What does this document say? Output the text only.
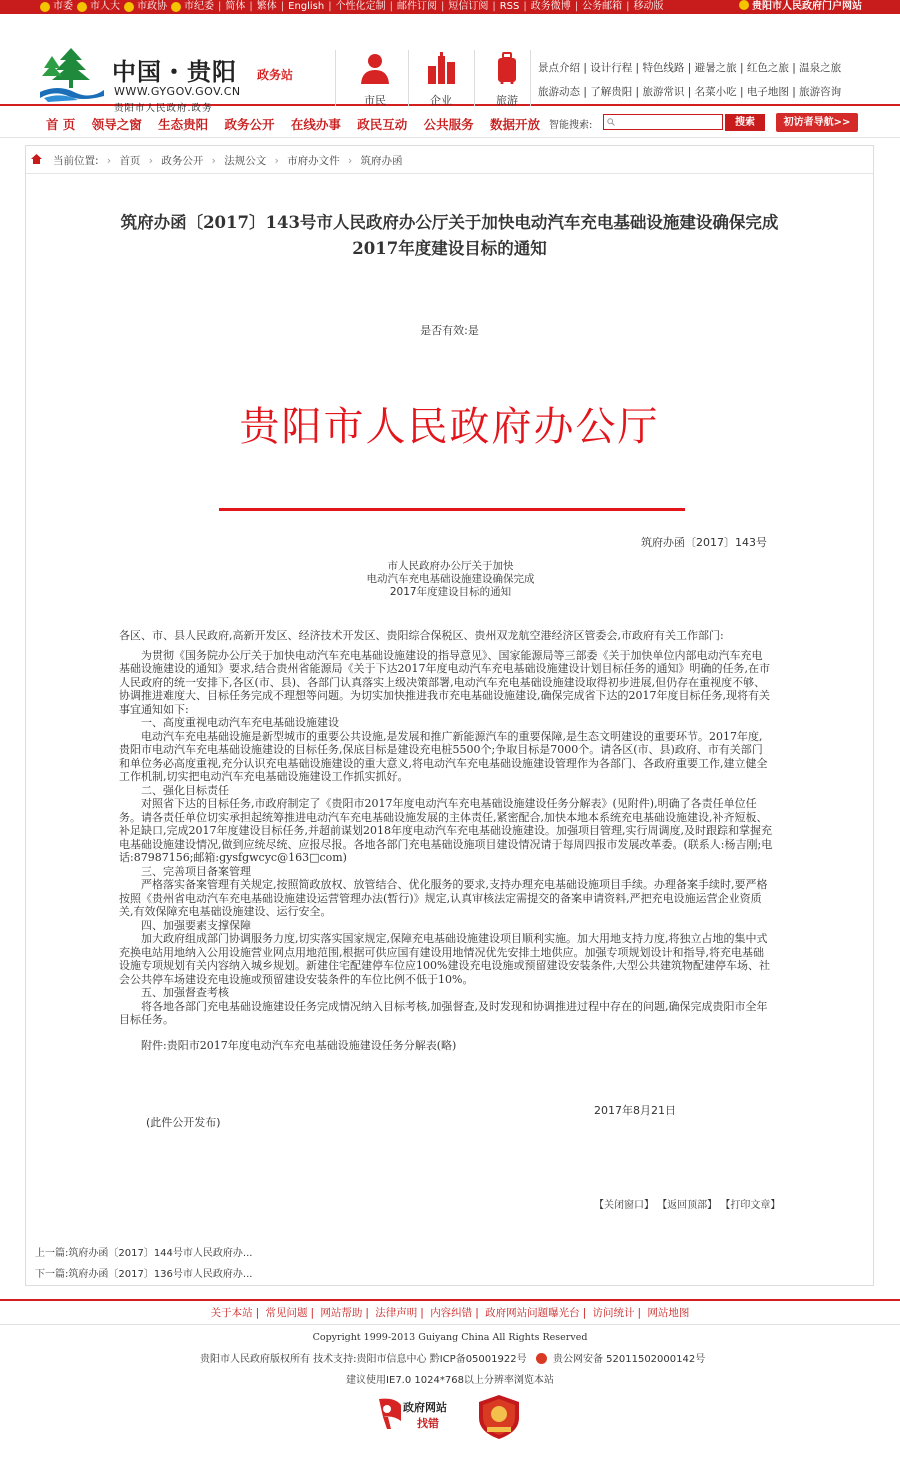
市委 市人大 市政协 市纪委 | 简体 | 繁体 | English | 个性化定制 | 邮件订阅 | 短信订阅 | RSS | 政务微博 | 公务邮箱 | 移动版	贵阳市人民政府门户网站
中国・贵阳 政务站
WWW.GYGOV.GOV.CN
贵阳市人民政府.政务
市民	企业	旅游
景点介绍 | 设计行程 | 特色线路 | 避暑之旅 | 红色之旅 | 温泉之旅
旅游动态 | 了解贵阳 | 旅游常识 | 名菜小吃 | 电子地图 | 旅游咨询
首 页 领导之窗 生态贵阳 政务公开 在线办事 政民互动 公共服务 数据开放 智能搜索:	搜索	初访者导航>>
当前位置: › 首页 › 政务公开 › 法规公文 › 市府办文件 › 筑府办函
筑府办函〔2017〕143号市人民政府办公厅关于加快电动汽车充电基础设施建设确保完成
2017年度建设目标的通知
是否有效:是
贵阳市人民政府办公厅
筑府办函〔2017〕143号
市人民政府办公厅关于加快
电动汽车充电基础设施建设确保完成
2017年度建设目标的通知

各区、市、县人民政府,高新开发区、经济技术开发区、贵阳综合保税区、贵州双龙航空港经济区管委会,市政府有关工作部门:

为贯彻《国务院办公厅关于加快电动汽车充电基础设施建设的指导意见》、国家能源局等三部委《关于加快单位内部电动汽车充电基础设施建设的通知》要求,结合贵州省能源局《关于下达2017年度电动汽车充电基础设施建设计划目标任务的通知》明确的任务,在市人民政府的统一安排下,各区(市、县)、各部门认真落实上级决策部署,电动汽车充电基础设施建设取得初步进展,但仍存在重视度不够、协调推进难度大、目标任务完成不理想等问题。为切实加快推进我市充电基础设施建设,确保完成省下达的2017年度目标任务,现将有关事宜通知如下:

一、高度重视电动汽车充电基础设施建设

电动汽车充电基础设施是新型城市的重要公共设施,是发展和推广新能源汽车的重要保障,是生态文明建设的重要环节。2017年度,贵阳市电动汽车充电基础设施建设的目标任务,保底目标是建设充电桩5500个;争取目标是7000个。请各区(市、县)政府、市有关部门和单位务必高度重视,充分认识充电基础设施建设的重大意义,将电动汽车充电基础设施建设管理作为各部门、各政府重要工作,建立健全工作机制,切实把电动汽车充电基础设施建设工作抓实抓好。

二、强化目标责任

对照省下达的目标任务,市政府制定了《贵阳市2017年度电动汽车充电基础设施建设任务分解表》(见附件),明确了各责任单位任务。请各责任单位切实承担起统筹推进电动汽车充电基础设施发展的主体责任,紧密配合,加快本地本系统充电基础设施建设,补齐短板、补足缺口,完成2017年度建设目标任务,并超前谋划2018年度电动汽车充电基础设施建设。加强项目管理,实行周调度,及时跟踪和掌握充电基础设施建设情况,做到应统尽统、应报尽报。各地各部门充电基础设施项目建设情况请于每周四报市发展改革委。(联系人:杨吉刚;电话:87987156;邮箱:gysfgwcyc@163□com)

三、完善项目备案管理

严格落实备案管理有关规定,按照简政放权、放管结合、优化服务的要求,支持办理充电基础设施项目手续。办理备案手续时,要严格按照《贵州省电动汽车充电基础设施建设运营管理办法(暂行)》规定,认真审核法定需提交的备案申请资料,严把充电设施运营企业资质关,有效保障充电基础设施建设、运行安全。

四、加强要素支撑保障

加大政府组成部门协调服务力度,切实落实国家规定,保障充电基础设施建设项目顺利实施。加大用地支持力度,将独立占地的集中式充换电站用地纳入公用设施营业网点用地范围,根据可供应国有建设用地情况优先安排土地供应。加强专项规划设计和指导,将充电基础设施专项规划有关内容纳入城乡规划。新建住宅配建停车位应100%建设充电设施或预留建设安装条件,大型公共建筑物配建停车场、社会公共停车场建设充电设施或预留建设安装条件的车位比例不低于10%。

五、加强督查考核

将各地各部门充电基础设施建设任务完成情况纳入目标考核,加强督查,及时发现和协调推进过程中存在的问题,确保完成贵阳市全年目标任务。

附件:贵阳市2017年度电动汽车充电基础设施建设任务分解表(略)

2017年8月21日
(此件公开发布)
【关闭窗口】 【返回顶部】 【打印文章】
上一篇:筑府办函〔2017〕144号市人民政府办...
下一篇:筑府办函〔2017〕136号市人民政府办...
关于本站 | 常见问题 | 网站帮助 | 法律声明 | 内容纠错 | 政府网站问题曝光台 | 访问统计 | 网站地图
Copyright 1999-2013 Guiyang China All Rights Reserved
贵阳市人民政府版权所有 技术支持:贵阳市信息中心 黔ICP备05001922号	贵公网安备 52011502000142号
建议使用IE7.0 1024*768以上分辨率浏览本站
政府网站
找错
